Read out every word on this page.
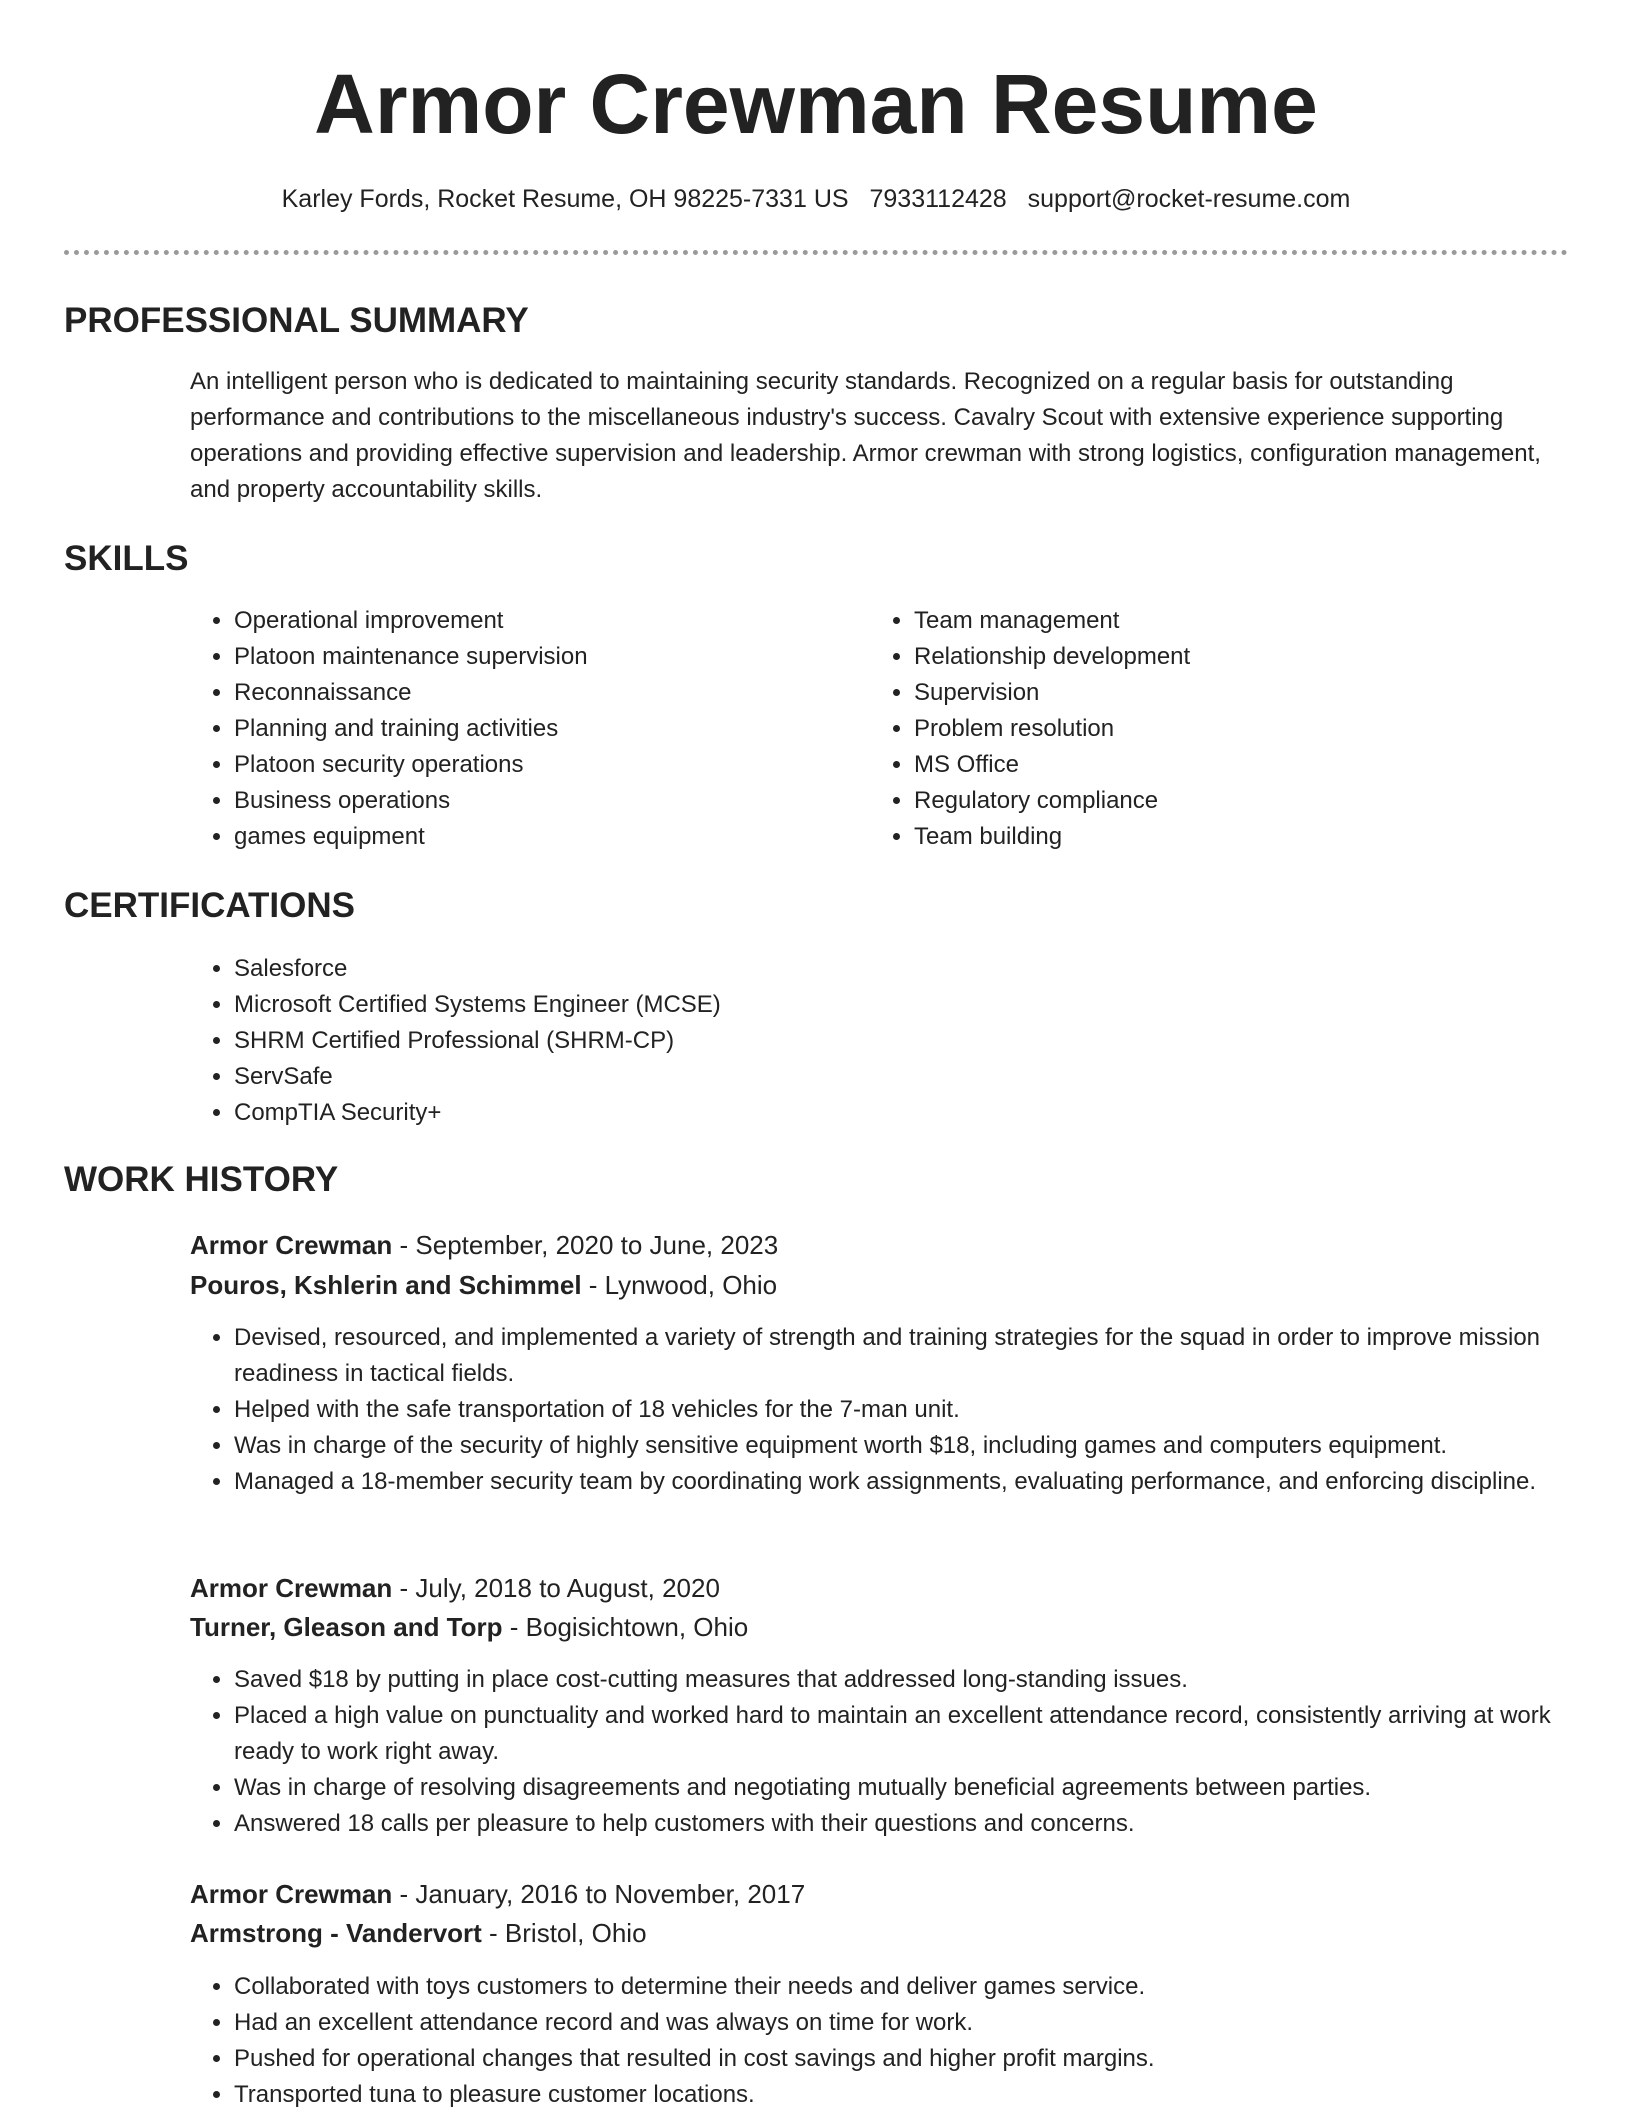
Armor Crewman Resume
Karley Fords, Rocket Resume, OH 98225-7331 US 7933112428 support@rocket-resume.com
PROFESSIONAL SUMMARY

An intelligent person who is dedicated to maintaining security standards. Recognized on a regular basis for outstanding performance and contributions to the miscellaneous industry's success. Cavalry Scout with extensive experience supporting operations and providing effective supervision and leadership. Armor crewman with strong logistics, configuration management, and property accountability skills.

SKILLS
• Operational improvement
• Platoon maintenance supervision
• Reconnaissance
• Planning and training activities
• Platoon security operations
• Business operations
• games equipment
• Team management
• Relationship development
• Supervision
• Problem resolution
• MS Office
• Regulatory compliance
• Team building
CERTIFICATIONS
• Salesforce
• Microsoft Certified Systems Engineer (MCSE)
• SHRM Certified Professional (SHRM-CP)
• ServSafe
• CompTIA Security+
WORK HISTORY

Armor Crewman - September, 2020 to June, 2023

Pouros, Kshlerin and Schimmel - Lynwood, Ohio

• Devised, resourced, and implemented a variety of strength and training strategies for the squad in order to improve mission readiness in tactical fields.
• Helped with the safe transportation of 18 vehicles for the 7-man unit.
• Was in charge of the security of highly sensitive equipment worth $18, including games and computers equipment.
• Managed a 18-member security team by coordinating work assignments, evaluating performance, and enforcing discipline.

Armor Crewman - July, 2018 to August, 2020

Turner, Gleason and Torp - Bogisichtown, Ohio

• Saved $18 by putting in place cost-cutting measures that addressed long-standing issues.
• Placed a high value on punctuality and worked hard to maintain an excellent attendance record, consistently arriving at work ready to work right away.
• Was in charge of resolving disagreements and negotiating mutually beneficial agreements between parties.
• Answered 18 calls per pleasure to help customers with their questions and concerns.

Armor Crewman - January, 2016 to November, 2017

Armstrong - Vandervort - Bristol, Ohio

• Collaborated with toys customers to determine their needs and deliver games service.
• Had an excellent attendance record and was always on time for work.
• Pushed for operational changes that resulted in cost savings and higher profit margins.
• Transported tuna to pleasure customer locations.
